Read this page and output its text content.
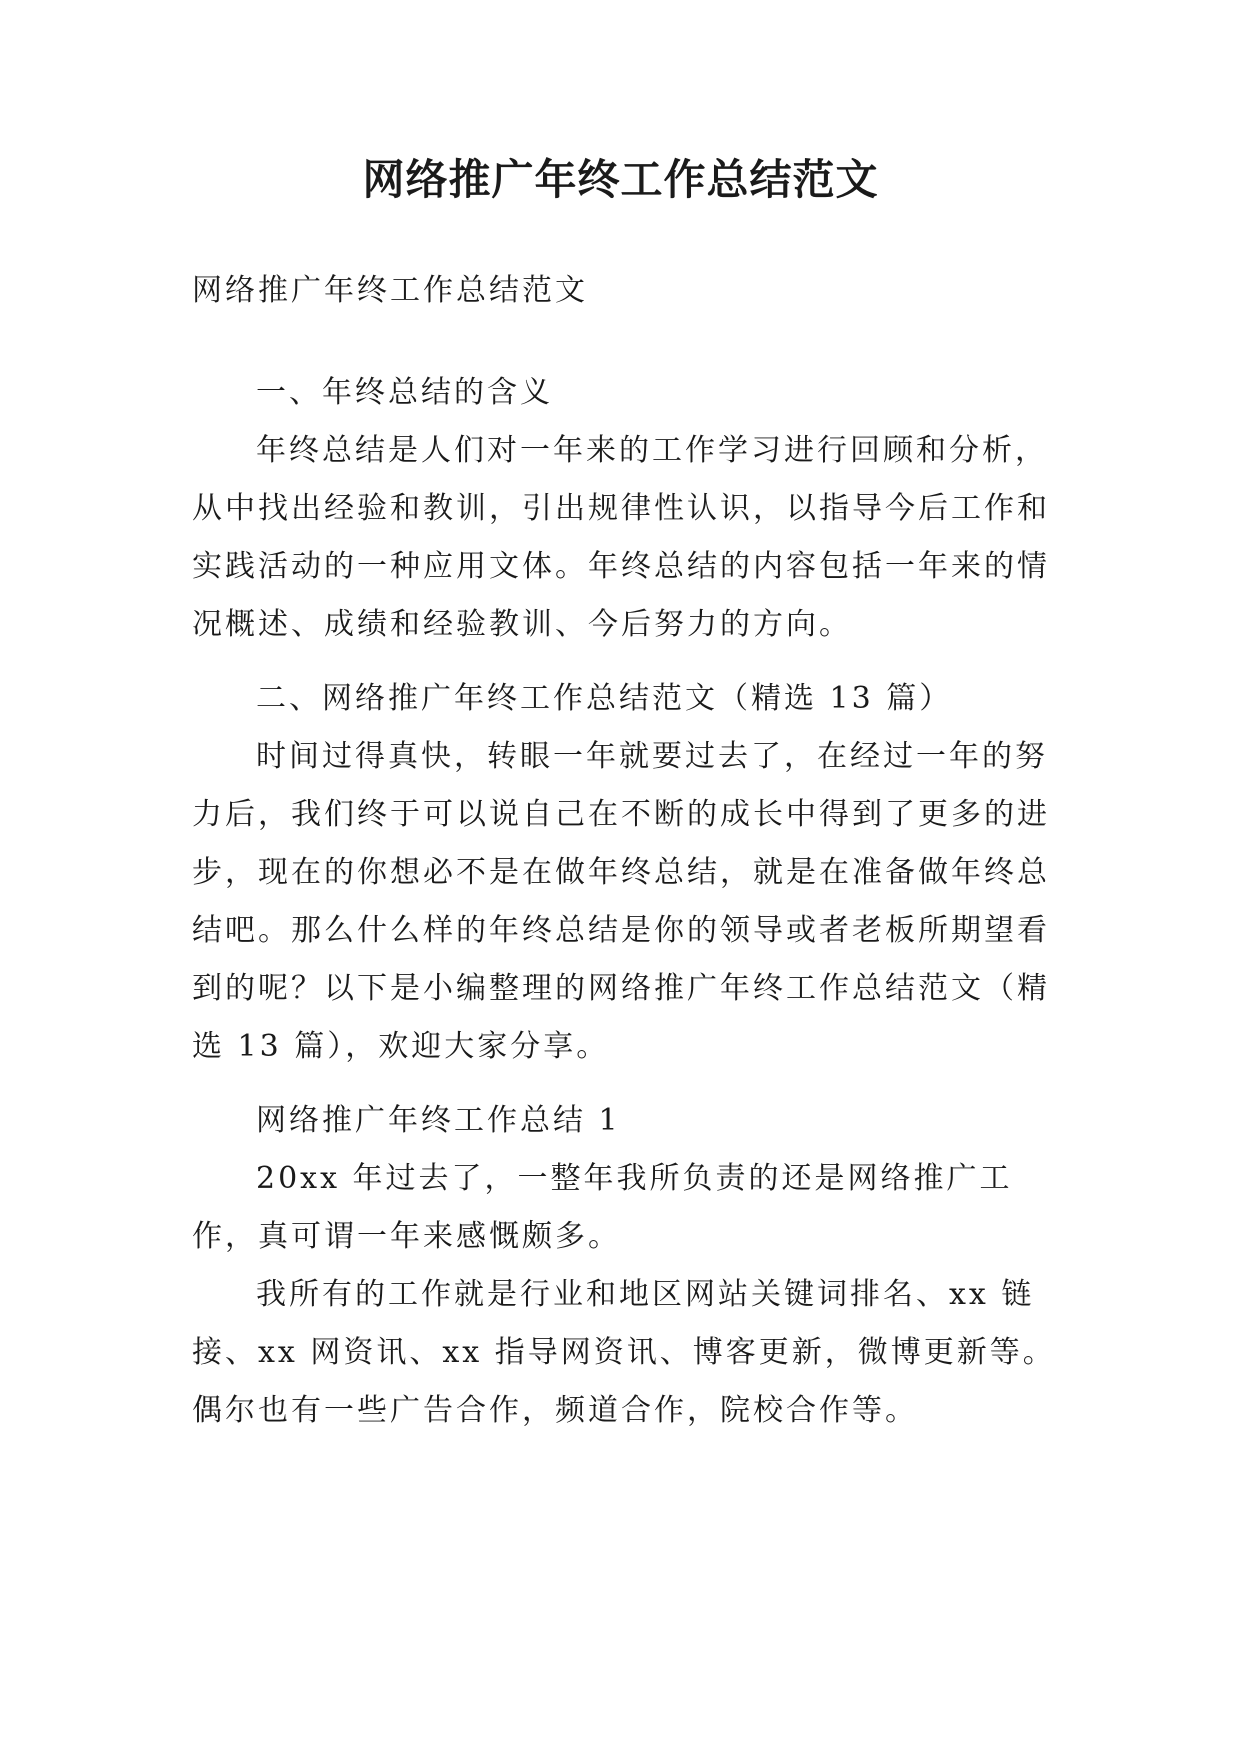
网络推广年终工作总结范文

网络推广年终工作总结范文

一、年终总结的含义

年终总结是人们对一年来的工作学习进行回顾和分析，从中找出经验和教训，引出规律性认识，以指导今后工作和实践活动的一种应用文体。年终总结的内容包括一年来的情况概述、成绩和经验教训、今后努力的方向。

二、网络推广年终工作总结范文（精选 13 篇）

时间过得真快，转眼一年就要过去了，在经过一年的努力后，我们终于可以说自己在不断的成长中得到了更多的进步，现在的你想必不是在做年终总结，就是在准备做年终总结吧。那么什么样的年终总结是你的领导或者老板所期望看到的呢？以下是小编整理的网络推广年终工作总结范文（精选 13 篇），欢迎大家分享。

网络推广年终工作总结 1

20xx 年过去了，一整年我所负责的还是网络推广工作，真可谓一年来感慨颇多。

我所有的工作就是行业和地区网站关键词排名、xx 链接、xx 网资讯、xx 指导网资讯、博客更新，微博更新等。偶尔也有一些广告合作，频道合作，院校合作等。
